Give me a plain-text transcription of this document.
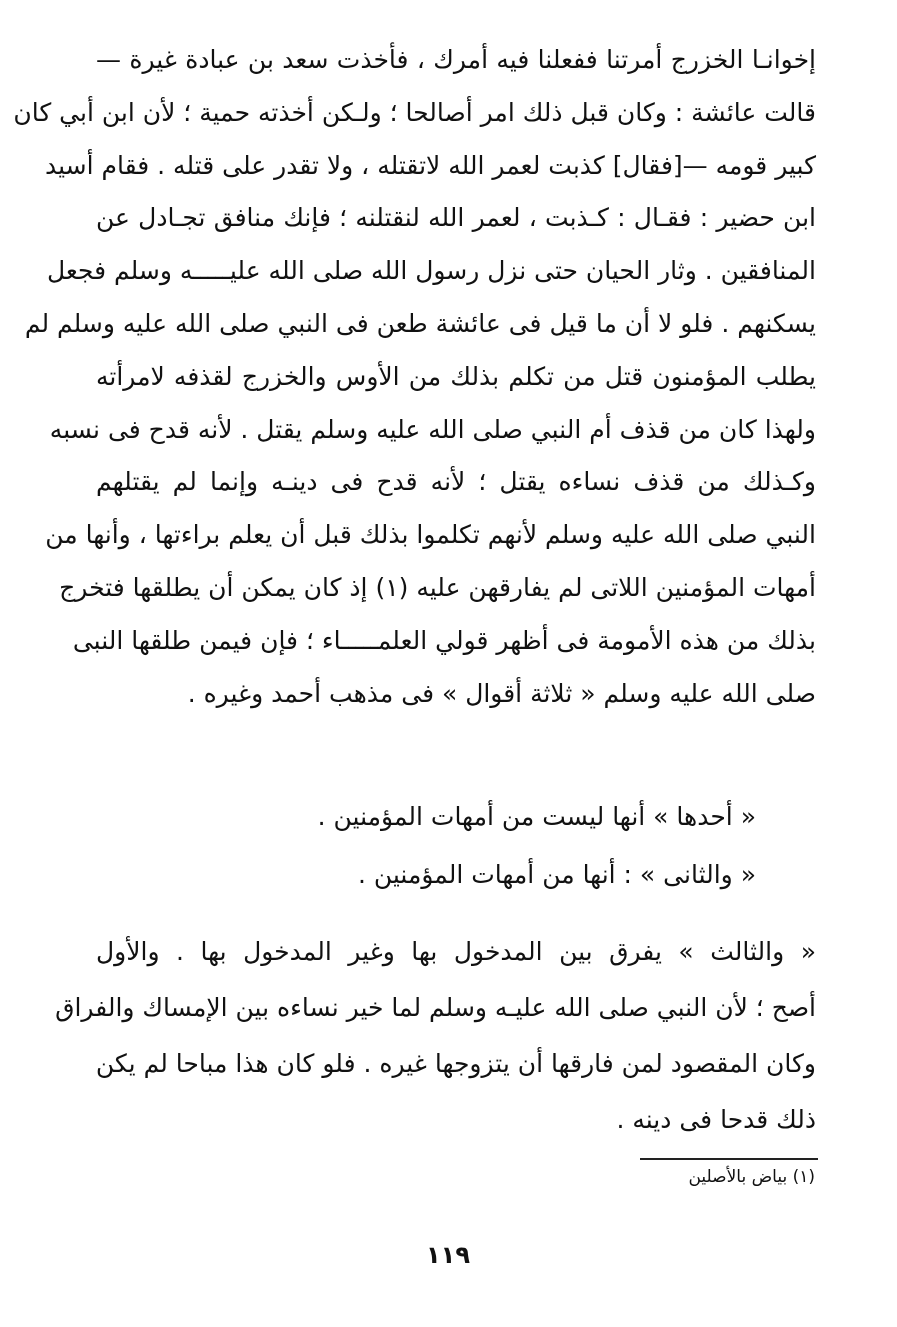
إخوانـا الخزرج أمرتنا ففعلنا فيه أمرك ، فأخذت سعد بن عبادة غيرة —
قالت عائشة : وكان قبل ذلك امر أصالحا ؛ ولـكن أخذته حمية ؛ لأن ابن أبي كان
كبير قومه —[فقال] كذبت لعمر الله لاتقتله ، ولا تقدر على قتله . فقام أسيد
ابن حضير : فقـال : كـذبت ، لعمر الله لنقتلنه ؛ فإنك منافق تجـادل عن
المنافقين . وثار الحيان حتى نزل رسول الله صلى الله عليـــــه وسلم فجعل
يسكنهم . فلو لا أن ما قيل فى عائشة طعن فى النبي صلى الله عليه وسلم لم
يطلب المؤمنون قتل من تكلم بذلك من الأوس والخزرج لقذفه لامرأته
ولهذا كان من قذف أم النبي صلى الله عليه وسلم يقتل . لأنه قدح فى نسبه
وكـذلك من قذف نساءه يقتل ؛ لأنه قدح فى دينـه وإنما لم يقتلهم
النبي صلى الله عليه وسلم لأنهم تكلموا بذلك قبل أن يعلم براءتها ، وأنها من
أمهات المؤمنين اللاتى لم يفارقهن عليه (١) إذ كان يمكن أن يطلقها فتخرج
بذلك من هذه الأمومة فى أظهر قولي العلمـــــاء ؛ فإن فيمن طلقها النبى
صلى الله عليه وسلم « ثلاثة أقوال » فى مذهب أحمد وغيره .
« أحدها » أنها ليست من أمهات المؤمنين .
« والثانى » : أنها من أمهات المؤمنين .
« والثالث » يفرق بين المدخول بها وغير المدخول بها . والأول
أصح ؛ لأن النبي صلى الله عليـه وسلم لما خير نساءه بين الإمساك والفراق
وكان المقصود لمن فارقها أن يتزوجها غيره . فلو كان هذا مباحا لم يكن
ذلك قدحا فى دينه .
(١) بياض بالأصلين
١١٩
